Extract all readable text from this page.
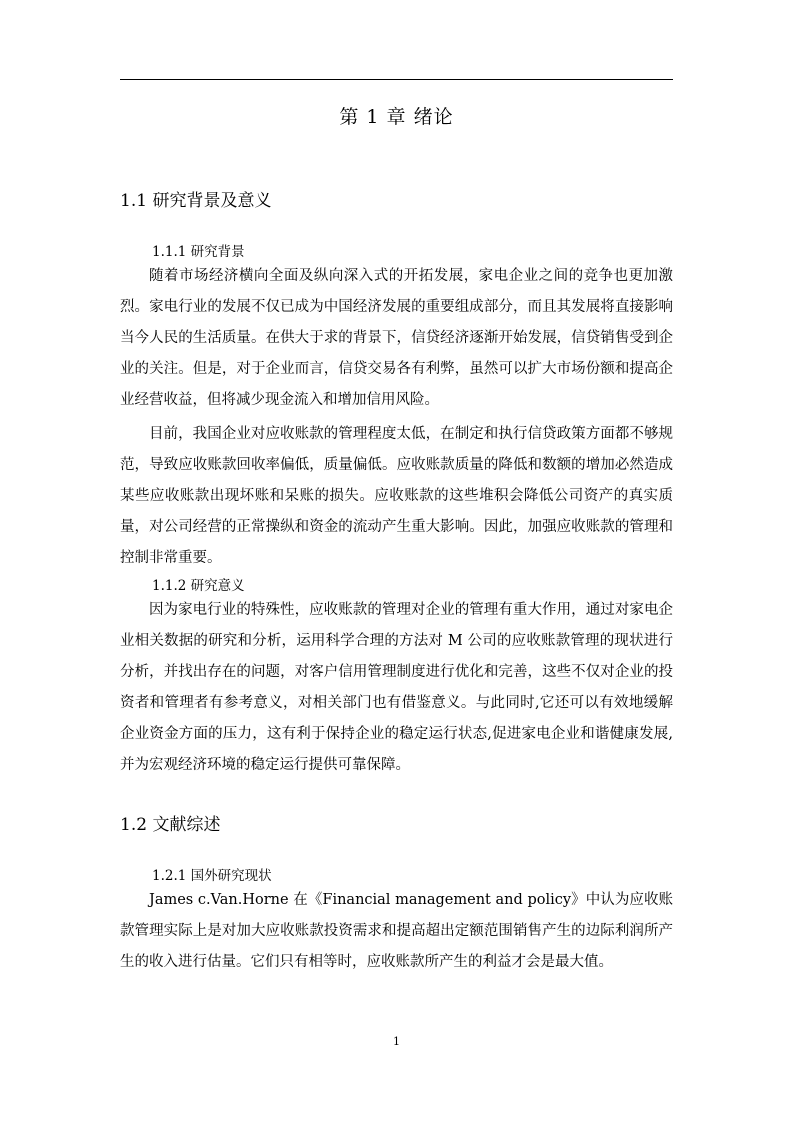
第 1 章 绪论
1.1 研究背景及意义
1.1.1 研究背景

随着市场经济横向全面及纵向深入式的开拓发展，家电企业之间的竞争也更加激烈。家电行业的发展不仅已成为中国经济发展的重要组成部分，而且其发展将直接影响当今人民的生活质量。在供大于求的背景下，信贷经济逐渐开始发展，信贷销售受到企业的关注。但是，对于企业而言，信贷交易各有利弊，虽然可以扩大市场份额和提高企业经营收益，但将减少现金流入和增加信用风险。

目前，我国企业对应收账款的管理程度太低，在制定和执行信贷政策方面都不够规范，导致应收账款回收率偏低，质量偏低。应收账款质量的降低和数额的增加必然造成某些应收账款出现坏账和呆账的损失。应收账款的这些堆积会降低公司资产的真实质量，对公司经营的正常操纵和资金的流动产生重大影响。因此，加强应收账款的管理和控制非常重要。

1.1.2 研究意义

因为家电行业的特殊性，应收账款的管理对企业的管理有重大作用，通过对家电企业相关数据的研究和分析，运用科学合理的方法对 M 公司的应收账款管理的现状进行分析，并找出存在的问题，对客户信用管理制度进行优化和完善，这些不仅对企业的投资者和管理者有参考意义，对相关部门也有借鉴意义。与此同时,它还可以有效地缓解企业资金方面的压力，这有利于保持企业的稳定运行状态,促进家电企业和谐健康发展,并为宏观经济环境的稳定运行提供可靠保障。

1.2 文献综述
1.2.1 国外研究现状

James c.Van.Horne 在《Financial management and policy》中认为应收账款管理实际上是对加大应收账款投资需求和提高超出定额范围销售产生的边际利润所产生的收入进行估量。它们只有相等时，应收账款所产生的利益才会是最大值。

1
